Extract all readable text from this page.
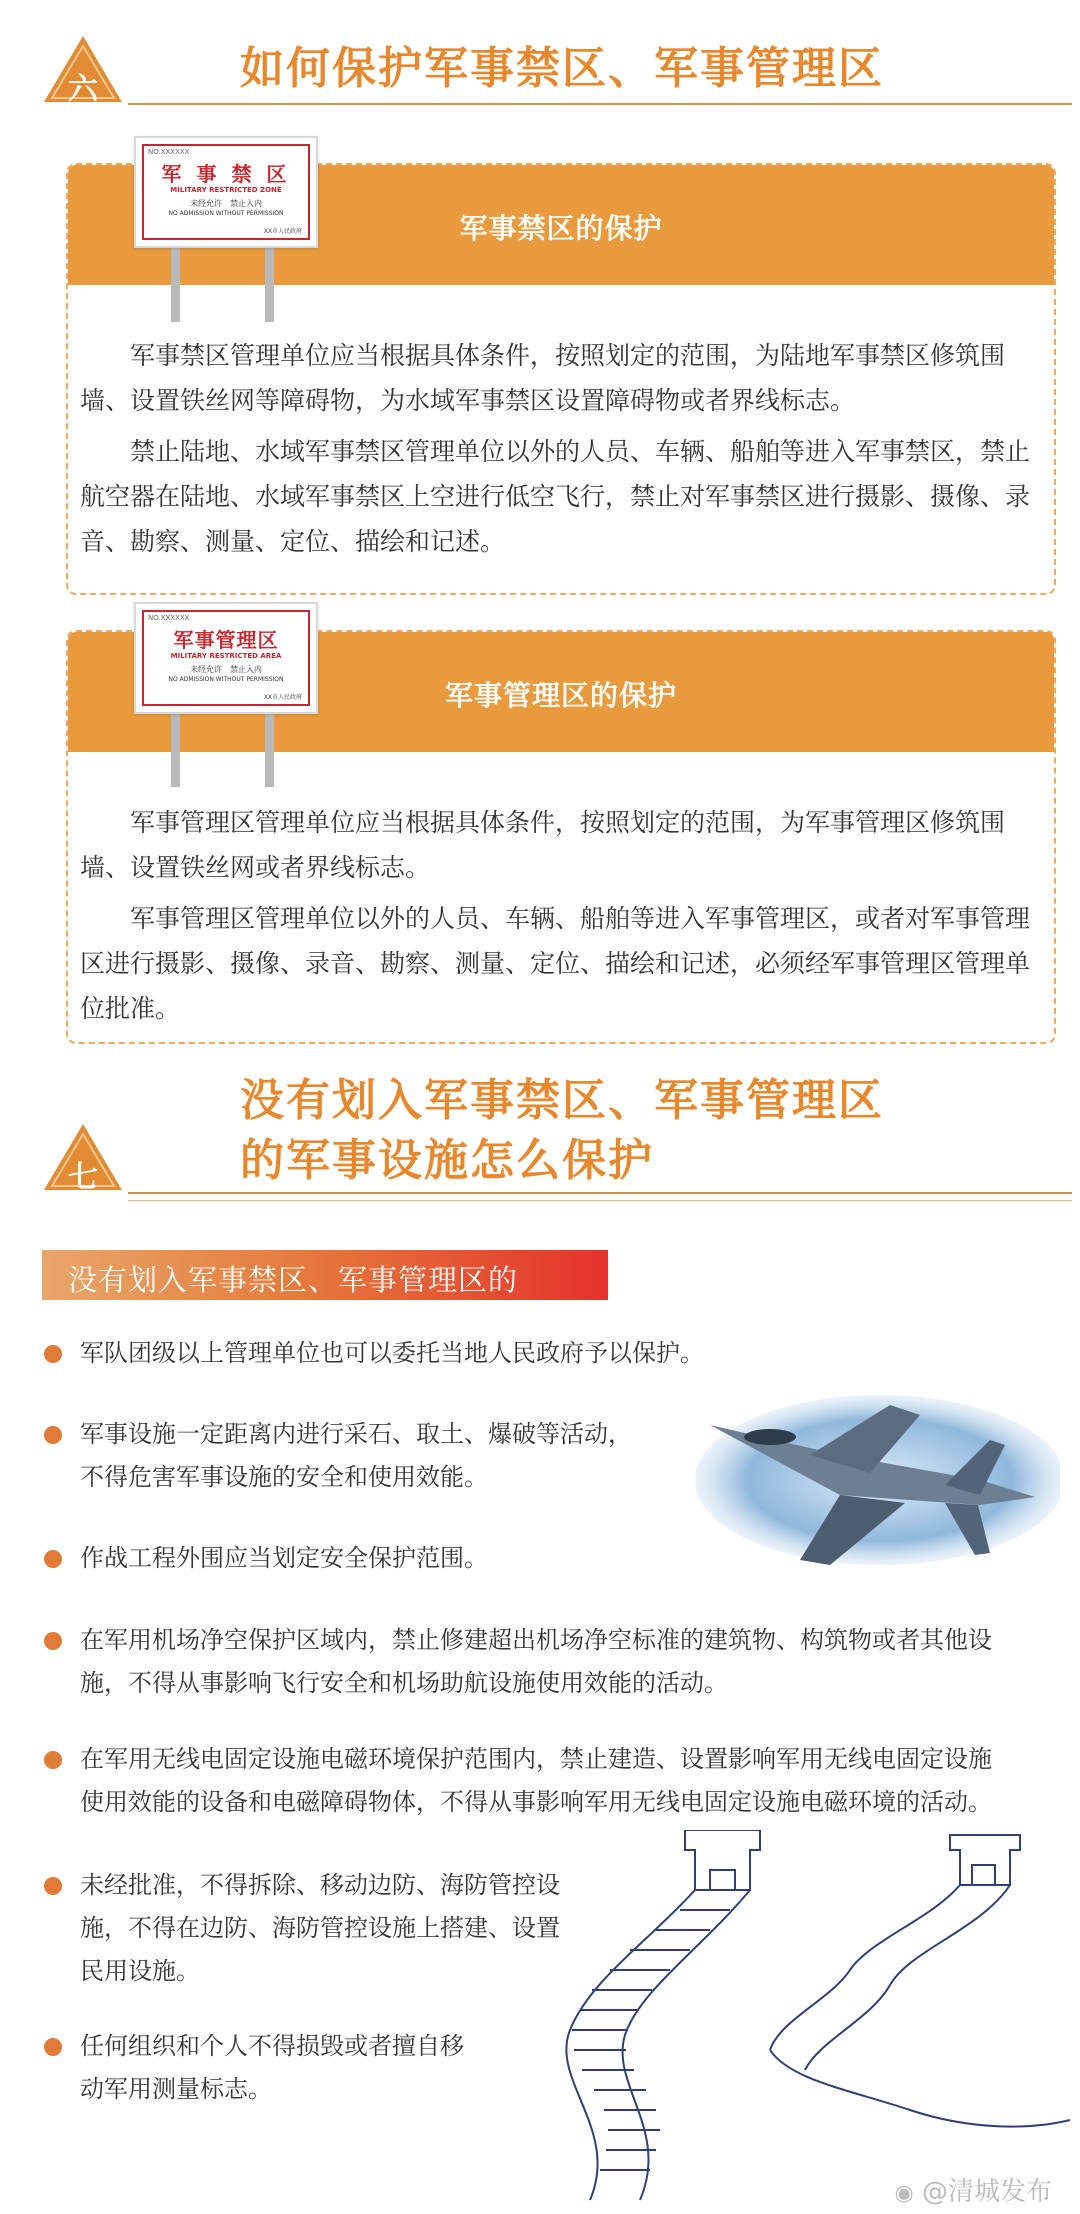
六	如何保护军事禁区、军事管理区
军事禁区的保护

军事禁区管理单位应当根据具体条件，按照划定的范围，为陆地军事禁区修筑围墙、设置铁丝网等障碍物，为水域军事禁区设置障碍物或者界线标志。

禁止陆地、水域军事禁区管理单位以外的人员、车辆、船舶等进入军事禁区，禁止航空器在陆地、水域军事禁区上空进行低空飞行，禁止对军事禁区进行摄影、摄像、录音、勘察、测量、定位、描绘和记述。

NO.XXXXXX
军 事 禁 区
MILITARY RESTRICTED ZONE
未经允许　禁止入内
NO ADMISSION WITHOUT PERMISSION
XX市人民政府
军事管理区的保护

军事管理区管理单位应当根据具体条件，按照划定的范围，为军事管理区修筑围墙、设置铁丝网或者界线标志。

军事管理区管理单位以外的人员、车辆、船舶等进入军事管理区，或者对军事管理区进行摄影、摄像、录音、勘察、测量、定位、描绘和记述，必须经军事管理区管理单位批准。

NO.XXXXXX
军事管理区
MILITARY RESTRICTED AREA
未经允许　禁止入内
NO ADMISSION WITHOUT PERMISSION
XX市人民政府
没有划入军事禁区、军事管理区
的军事设施怎么保护
七
没有划入军事禁区、军事管理区的
军队团级以上管理单位也可以委托当地人民政府予以保护。
军事设施一定距离内进行采石、取土、爆破等活动，
不得危害军事设施的安全和使用效能。
作战工程外围应当划定安全保护范围。
在军用机场净空保护区域内，禁止修建超出机场净空标准的建筑物、构筑物或者其他设
施，不得从事影响飞行安全和机场助航设施使用效能的活动。
在军用无线电固定设施电磁环境保护范围内，禁止建造、设置影响军用无线电固定设施
使用效能的设备和电磁障碍物体，不得从事影响军用无线电固定设施电磁环境的活动。
未经批准，不得拆除、移动边防、海防管控设
施，不得在边防、海防管控设施上搭建、设置
民用设施。
任何组织和个人不得损毁或者擅自移
动军用测量标志。
◉ @清城发布
